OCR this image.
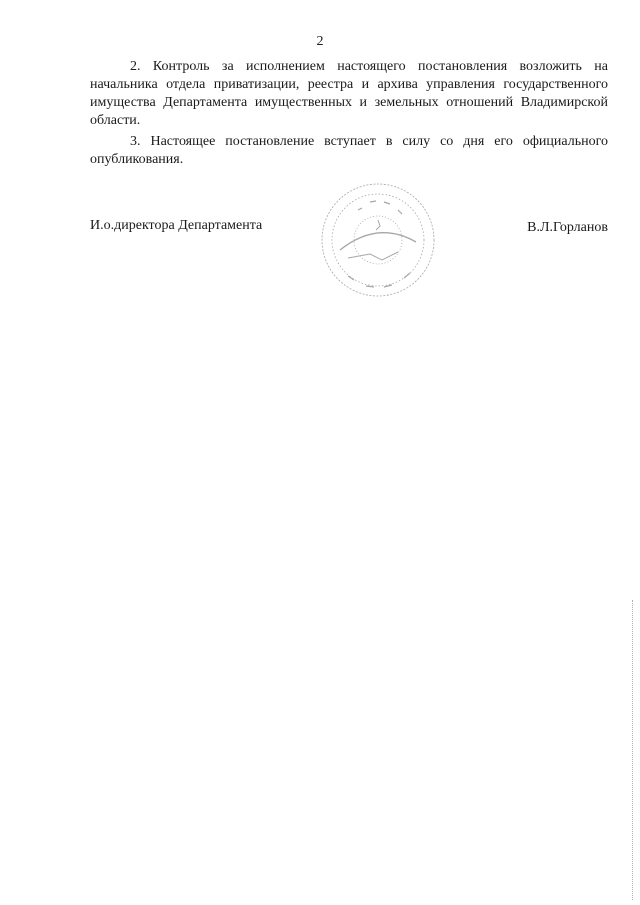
2

2. Контроль за исполнением настоящего постановления возложить на начальника отдела приватизации, реестра и архива управления государственного имущества Департамента имущественных и земельных отношений Владимирской области.

3. Настоящее постановление вступает в силу со дня его официального опубликования.

И.о.директора Департамента	В.Л.Горланов
